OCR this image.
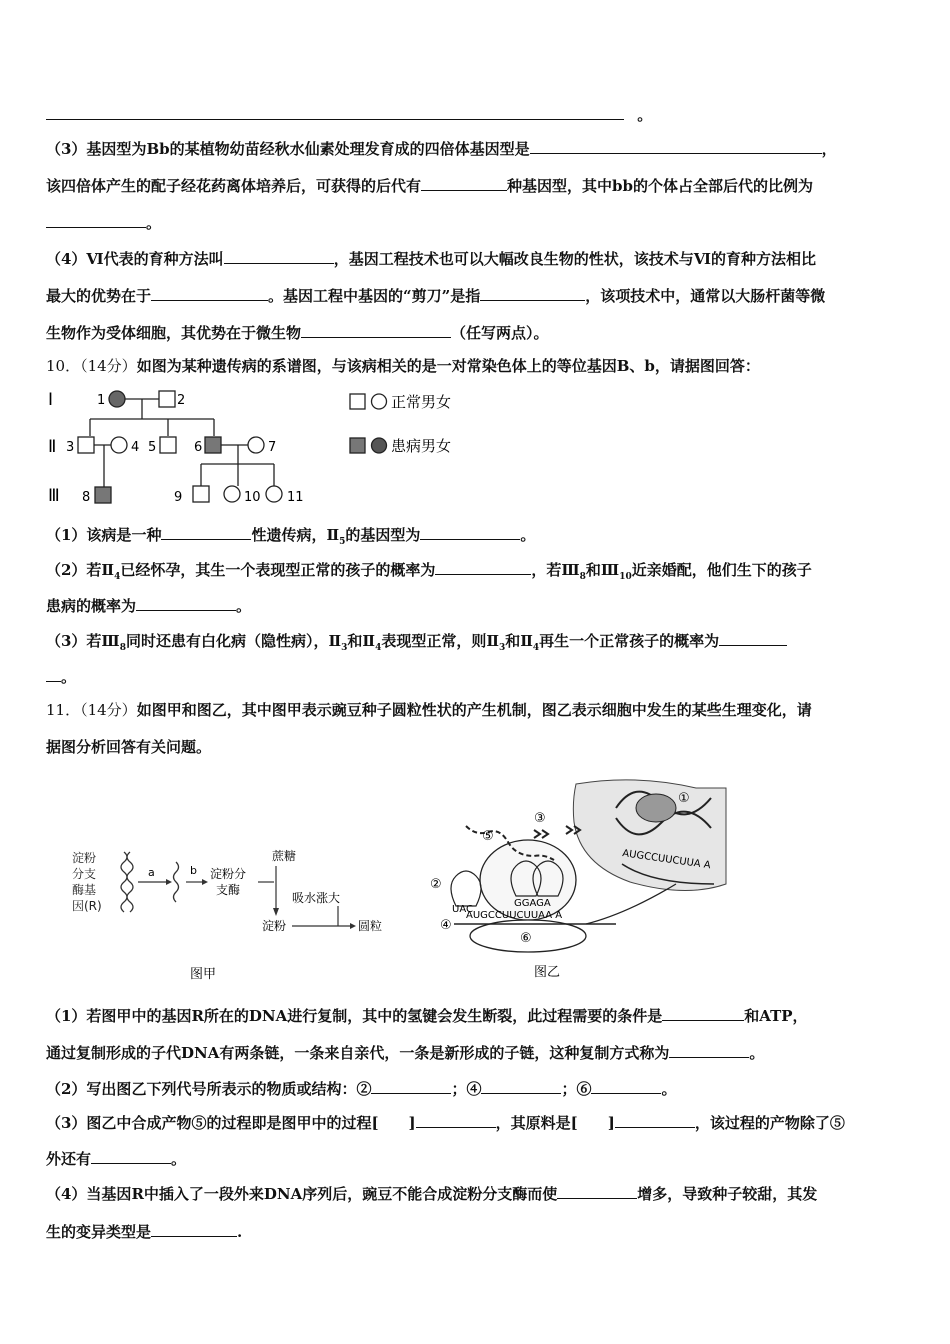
。
（3）基因型为Bb的某植物幼苗经秋水仙素处理发育成的四倍体基因型是	，
该四倍体产生的配子经花药离体培养后，可获得的后代有	种基因型，其中bb的个体占全部后代的比例为
。
（4）Ⅵ代表的育种方法叫	，基因工程技术也可以大幅改良生物的性状，该技术与Ⅵ的育种方法相比
最大的优势在于	。基因工程中基因的“剪刀”是指	，该项技术中，通常以大肠杆菌等微
生物作为受体细胞，其优势在于微生物	（任写两点）。
10．（14分）如图为某种遗传病的系谱图，与该病相关的是一对常染色体上的等位基因B、b，请据图回答：
Ⅰ
Ⅱ
Ⅲ
1	2
3	4 5	6	7
8	9	10 11
正常男女
患病男女
（1）该病是一种	性遗传病，$Ⅱ_5$的基因型为	。
（2）若$Ⅱ_4$已经怀孕，其生一个表现型正常的孩子的概率为	，若$Ⅲ_8$和$Ⅲ_{10}$近亲婚配，他们生下的孩子
患病的概率为	。
（3）若$Ⅲ_8$同时还患有白化病（隐性病），$Ⅱ_3$和$Ⅱ_4$表现型正常，则$Ⅱ_3$和$Ⅱ_4$再生一个正常孩子的概率为
。
11．（14分）如图甲和图乙，其中图甲表示豌豆种子圆粒性状的产生机制，图乙表示细胞中发生的某些生理变化，请
据图分析回答有关问题。
淀粉
分支
酶基
因(R)
a	b 淀粉分
支酶
蔗糖
吸水涨大
淀粉	圆粒
图甲
①
AUGCCUUCUUA A
⑥
AUGCCUUCUUAA A
④
UAC
GGAGA
②
⑤
③
图乙
（1）若图甲中的基因R所在的DNA进行复制，其中的氢键会发生断裂，此过程需要的条件是	和ATP，
通过复制形成的子代DNA有两条链，一条来自亲代，一条是新形成的子链，这种复制方式称为	。
（2）写出图乙下列代号所表示的物质或结构：②	；④	；⑥	。
（3）图乙中合成产物⑤的过程即是图甲中的过程[　　]	，其原料是[　　]	，该过程的产物除了⑤
外还有	。
（4）当基因R中插入了一段外来DNA序列后，豌豆不能合成淀粉分支酶而使	增多，导致种子较甜，其发
生的变异类型是	.
